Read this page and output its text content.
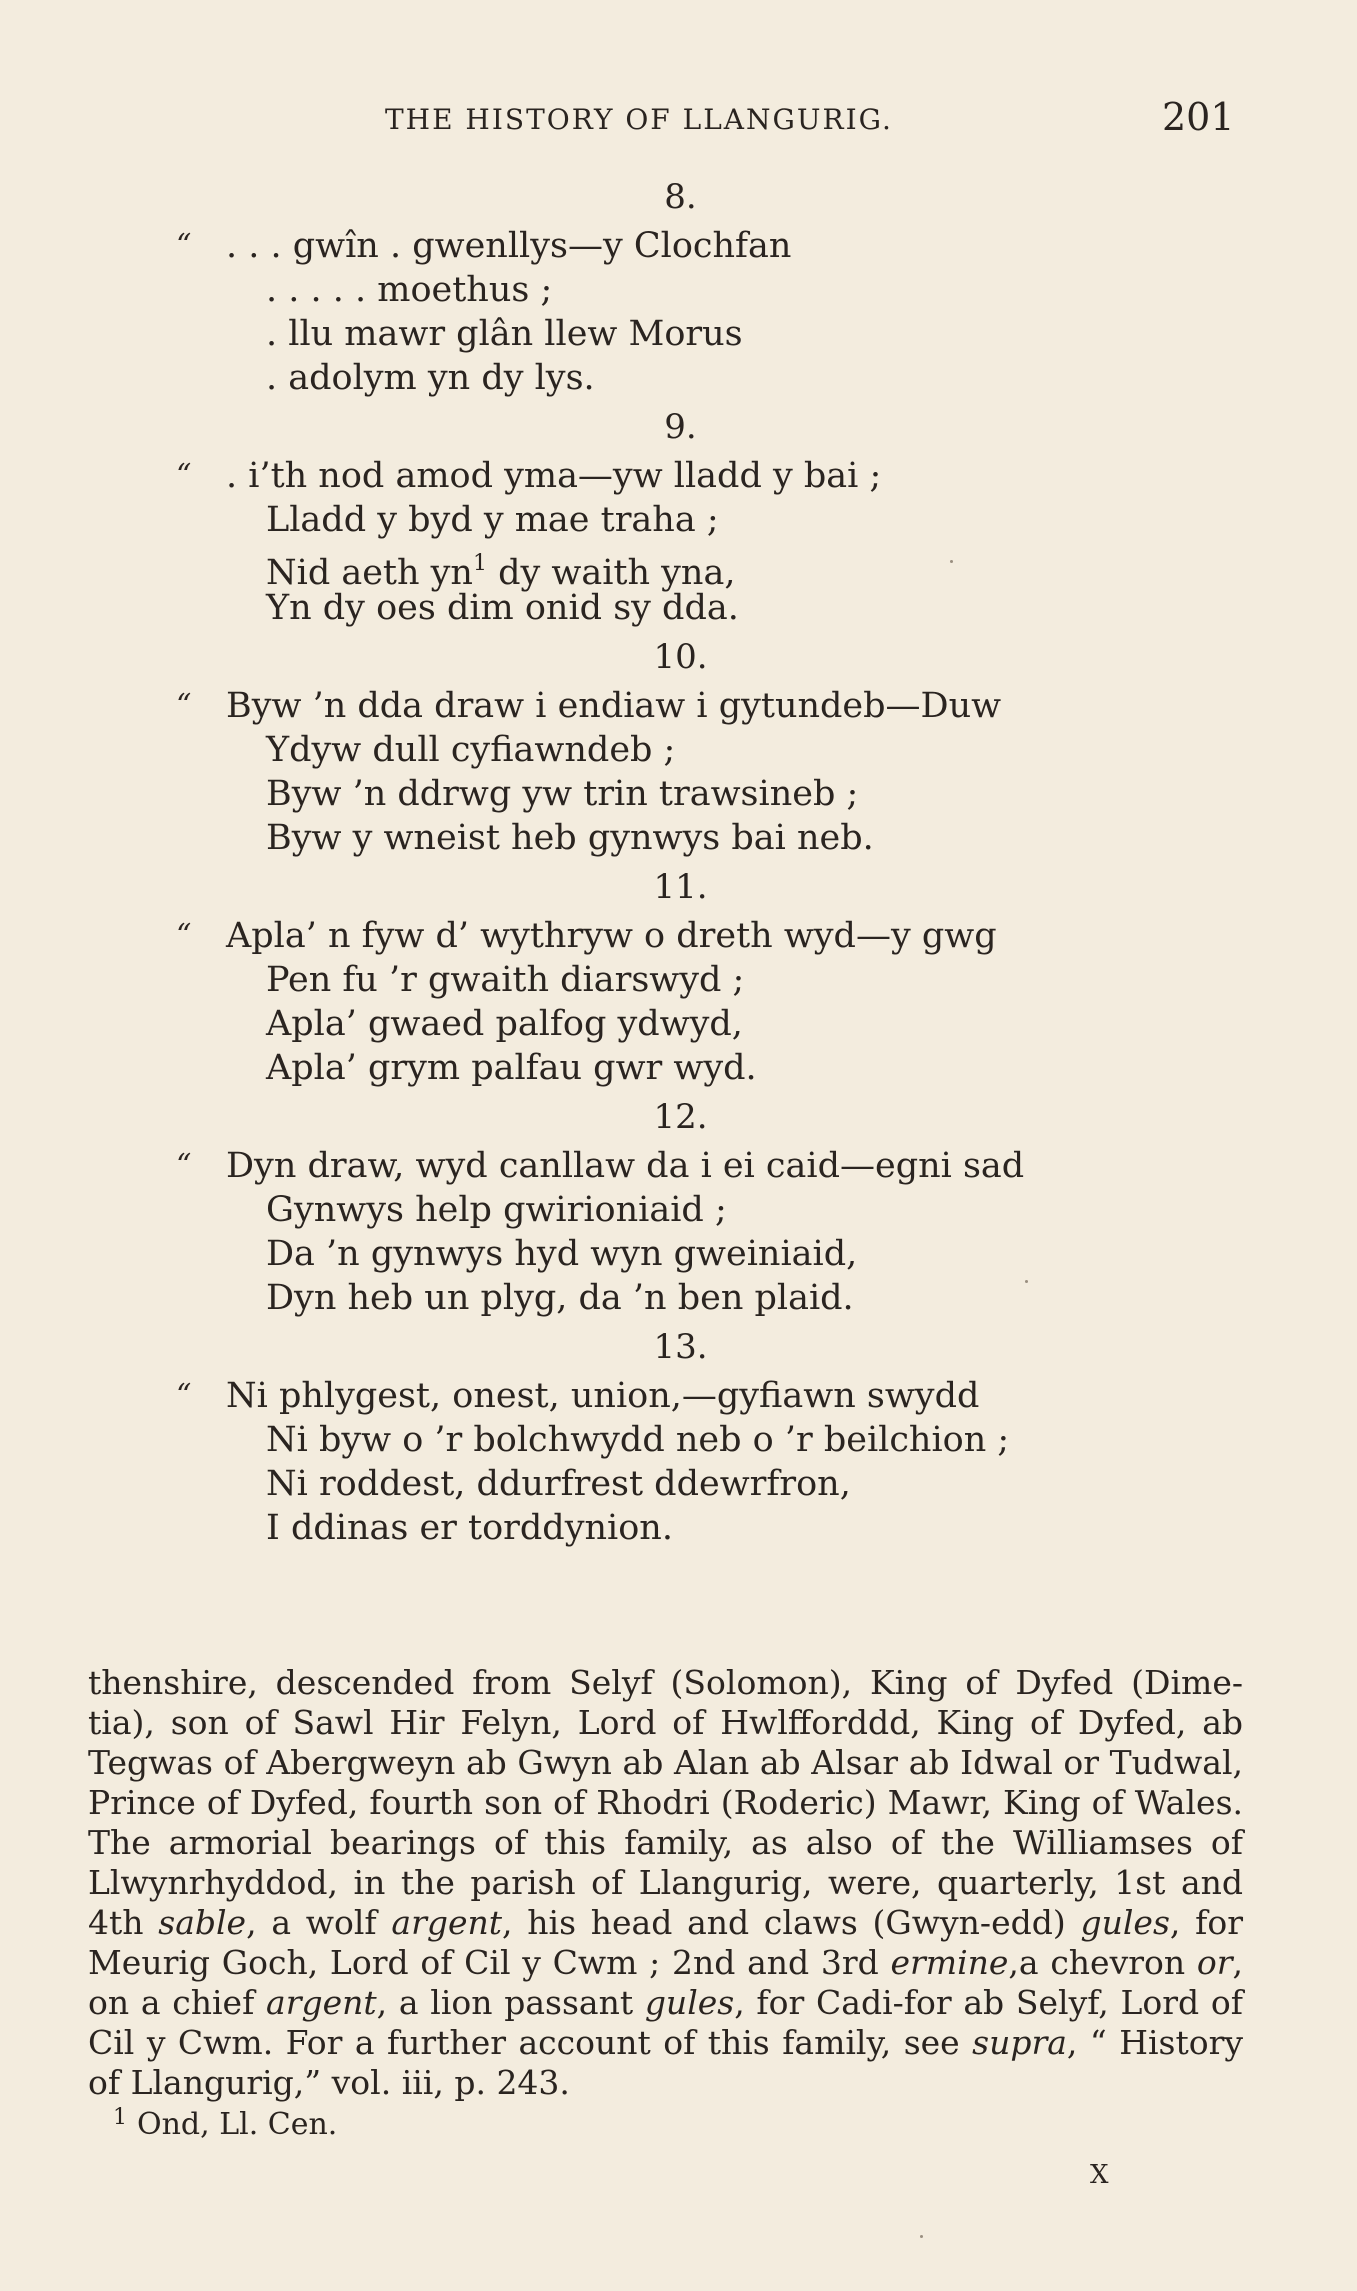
THE HISTORY OF LLANGURIG.	201
8.
“ . . . gwîn . gwenllys—y Clochfan
. . . . . moethus ;
. llu mawr glân llew Morus
. adolym yn dy lys.
9.
“ . i’th nod amod yma—yw lladd y bai ;
Lladd y byd y mae traha ;
Nid aeth yn$^1$ dy waith yna,
Yn dy oes dim onid sy dda.
10.
“ Byw ’n dda draw i endiaw i gytundeb—Duw
Ydyw dull cyfiawndeb ;
Byw ’n ddrwg yw trin trawsineb ;
Byw y wneist heb gynwys bai neb.
11.
“ Apla’ n fyw d’ wythryw o dreth wyd—y gwg
Pen fu ’r gwaith diarswyd ;
Apla’ gwaed palfog ydwyd,
Apla’ grym palfau gwr wyd.
12.
“ Dyn draw, wyd canllaw da i ei caid—egni sad
Gynwys help gwirioniaid ;
Da ’n gynwys hyd wyn gweiniaid,
Dyn heb un plyg, da ’n ben plaid.
13.
“ Ni phlygest, onest, union,—gyfiawn swydd
Ni byw o ’r bolchwydd neb o ’r beilchion ;
Ni roddest, ddurfrest ddewrfron,
I ddinas er torddynion.

thenshire, descended from Selyf (Solomon), King of Dyfed (Dime-tia), son of Sawl Hir Felyn, Lord of Hwlfforddd, King of Dyfed, ab Tegwas of Abergweyn ab Gwyn ab Alan ab Alsar ab Idwal or Tudwal, Prince of Dyfed, fourth son of Rhodri (Roderic) Mawr, King of Wales. The armorial bearings of this family, as also of the Williamses of Llwynrhyddod, in the parish of Llangurig, were, quarterly, 1st and 4th sable, a wolf argent, his head and claws (Gwyn-edd) gules, for Meurig Goch, Lord of Cil y Cwm ; 2nd and 3rd ermine,a chevron or, on a chief argent, a lion passant gules, for Cadi-for ab Selyf, Lord of Cil y Cwm. For a further account of this family, see supra, “ History of Llangurig,” vol. iii, p. 243.

$^1$ Ond, Ll. Cen.
X
